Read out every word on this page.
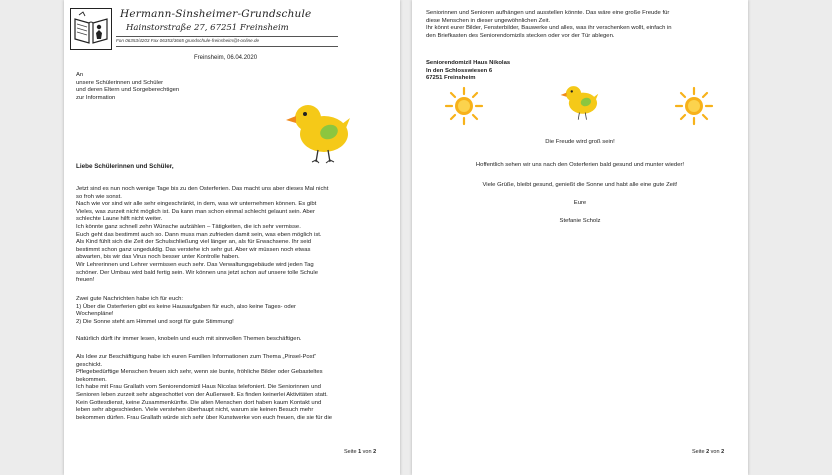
Hermann-Sinsheimer-Grundschule
Hainstorstraße 27, 67251 Freinsheim
Fon 06353/4203 Fax 06353/3665 grundschule-freinsheim@t-online.de
Freinsheim, 06.04.2020
An
unsere Schülerinnen und Schüler
und deren Eltern und Sorgeberechtigen
zur Information
Liebe Schülerinnen und Schüler,
Jetzt sind es nun noch wenige Tage bis zu den Osterferien. Das macht uns aber dieses Mal nicht
so froh wie sonst.
Nach wie vor sind wir alle sehr eingeschränkt, in dem, was wir unternehmen können. Es gibt
Vieles, was zurzeit nicht möglich ist. Da kann man schon einmal schlecht gelaunt sein. Aber
schlechte Laune hilft nicht weiter.
Ich könnte ganz schnell zehn Wünsche aufzählen – Tätigkeiten, die ich sehr vermisse.
Euch geht das bestimmt auch so. Dann muss man zufrieden damit sein, was eben möglich ist.
Als Kind fühlt sich die Zeit der Schulschließung viel länger an, als für Erwachsene. Ihr seid
bestimmt schon ganz ungeduldig. Das verstehe ich sehr gut. Aber wir müssen noch etwas
abwarten, bis wir das Virus noch besser unter Kontrolle haben.
Wir Lehrerinnen und Lehrer vermissen euch sehr. Das Verwaltungsgebäude wird jeden Tag
schöner. Der Umbau wird bald fertig sein. Wir können uns jetzt schon auf unsere tolle Schule
freuen!
Zwei gute Nachrichten habe ich für euch:
1) Über die Osterferien gibt es keine Hausaufgaben für euch, also keine Tages- oder
Wochenpläne!
2) Die Sonne steht am Himmel und sorgt für gute Stimmung!
Natürlich dürft ihr immer lesen, knobeln und euch mit sinnvollen Themen beschäftigen.
Als Idee zur Beschäftigung habe ich euren Familien Informationen zum Thema „Pinsel-Post“
geschickt.
Pflegebedürftige Menschen freuen sich sehr, wenn sie bunte, fröhliche Bilder oder Gebasteltes
bekommen.
Ich habe mit Frau Grallath vom Seniorendomizil Haus Nicolas telefoniert. Die Seniorinnen und
Senioren leben zurzeit sehr abgeschottet von der Außenwelt. Es finden keinerlei Aktivitäten statt.
Kein Gottesdienst, keine Zusammenkünfte. Die alten Menschen dort haben kaum Kontakt und
leben sehr abgeschieden. Viele verstehen überhaupt nicht, warum sie keinen Besuch mehr
bekommen dürfen. Frau Grallath würde sich sehr über Kunstwerke von euch freuen, die sie für die
Seite 1 von 2
Seniorinnen und Senioren aufhängen und ausstellen könnte. Das wäre eine große Freude für
diese Menschen in dieser ungewöhnlichen Zeit.
Ihr könnt eurer Bilder, Fensterbilder, Bauwerke und alles, was ihr verschenken wollt, einfach in
den Briefkasten des Seniorendomizils stecken oder vor der Tür ablegen.
Seniorendomizil Haus Nikolas
In den Schlosswiesen 6
67251 Freinsheim
Die Freude wird groß sein!
Hoffentlich sehen wir uns nach den Osterferien bald gesund und munter wieder!
Viele Grüße, bleibt gesund, genießt die Sonne und habt alle eine gute Zeit!
Eure
Stefanie Scholz
Seite 2 von 2
